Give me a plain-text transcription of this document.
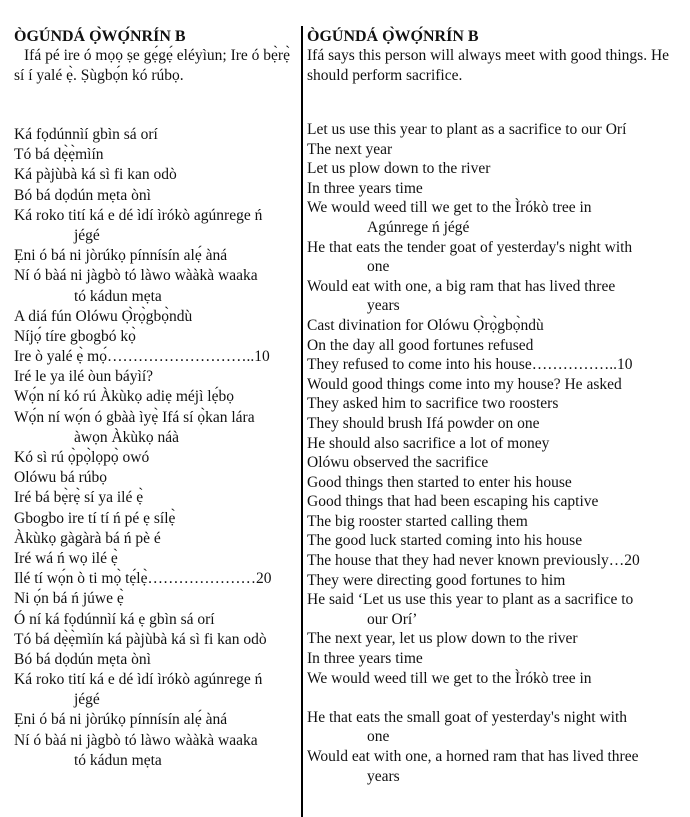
ÒGÚNDÁ Ọ̀WỌ́NRÍN B
Ifá pé ire ó mọọ ṣe gẹ́gẹ́ eléyìun; Ire ó bẹ̀rẹ̀ sí í yalé ẹ̀. Ṣùgbọ́n kó rúbọ.
Ká fọdúnnìí gbìn sá orí
Tó bá dẹ̀ẹ̀mìín
Ká pàjùbà ká sì fi kan odò
Bó bá dọdún mẹta ònì
Ká roko tití ká e dé ìdí ìrókò agúnrege ń
jégé
Ẹni ó bá ni jòrúkọ pínnísín alẹ́ àná
Ní ó bàá ni jàgbò tó làwo wààkà waaka
tó kádun mẹta
A diá fún Olówu Ọ̀rọ̀gbọ̀ndù
Níjọ́ tíre gbogbó kọ̀
Ire ò yalé ẹ̀ mọ́………………………..10
Iré le ya ilé òun báyìí?
Wọ́n ní kó rú Àkùkọ adiẹ méjì lẹ́bọ
Wọ́n ní wọ́n ó gbàà ìyẹ̀ Ifá sí ọ̀kan lára
àwọn Àkùkọ náà
Kó sì rú ọ̀pọ̀lọpọ̀ owó
Olówu bá rúbọ
Iré bá bẹ̀rẹ̀ sí ya ilé ẹ̀
Gbogbo ire tí tí ń pé ẹ sílẹ̀
Àkùkọ gàgàrà bá ń pè é
Iré wá ń wọ ilé ẹ̀
Ilé tí wọ́n ò ti mọ̀ tẹ́lẹ̀…………………20
Ni ọ́n bá ń júwe ẹ̀
Ó ní ká fọdúnnìí ká ẹ gbìn sá orí
Tó bá dẹ̀ẹ̀mìín ká pàjùbà ká sì fi kan odò
Bó bá dọdún mẹta ònì
Ká roko tití ká e dé ìdí ìrókò agúnrege ń
jégé
Ẹni ó bá ni jòrúkọ pínnísín alẹ́ àná
Ní ó bàá ni jàgbò tó làwo wààkà waaka
tó kádun mẹta
ÒGÚNDÁ Ọ̀WỌ́NRÍN B
Ifá says this person will always meet with good things. He should perform sacrifice.
Let us use this year to plant as a sacrifice to our Orí
The next year
Let us plow down to the river
In three years time
We would weed till we get to the Ìrókò tree in
Agúnrege ń jégé
He that eats the tender goat of yesterday's night with
one
Would eat with one, a big ram that has lived three
years
Cast divination for Olówu Ọ̀rọ̀gbọ̀ndù
On the day all good fortunes refused
They refused to come into his house……………..10
Would good things come into my house? He asked
They asked him to sacrifice two roosters
They should brush Ifá powder on one
He should also sacrifice a lot of money
Olówu observed the sacrifice
Good things then started to enter his house
Good things that had been escaping his captive
The big rooster started calling them
The good luck started coming into his house
The house that they had never known previously…20
They were directing good fortunes to him
He said ‘Let us use this year to plant as a sacrifice to
our Orí’
The next year, let us plow down to the river
In three years time
We would weed till we get to the Ìrókò tree in
He that eats the small goat of yesterday's night with
one
Would eat with one, a horned ram that has lived three
years
